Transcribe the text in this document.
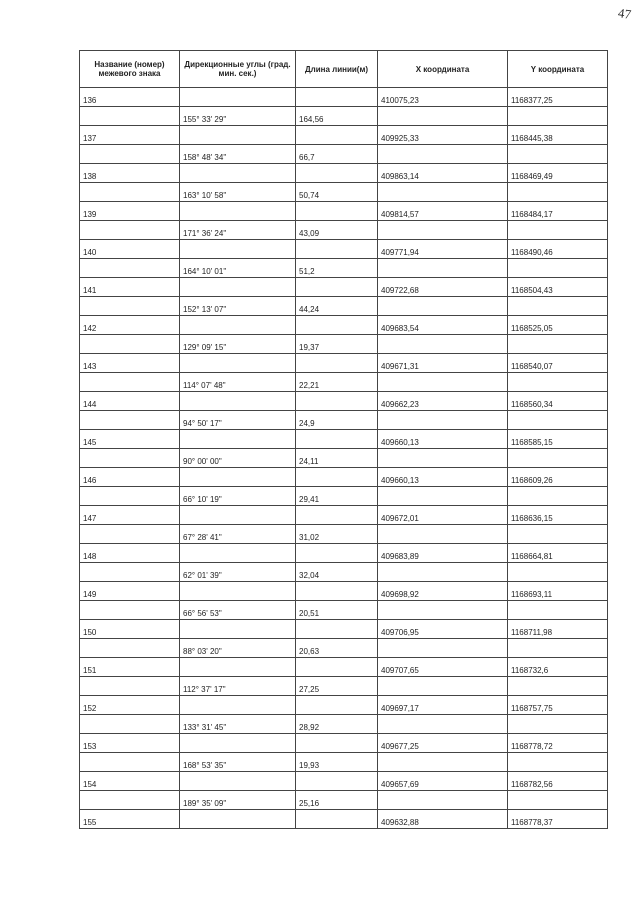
47
Название (номер) межевого знака	Дирекционные углы (град. мин. сек.)	Длина линии(м)	X координата	Y координата
136			410075,23	1168377,25
	155° 33' 29"	164,56		
137			409925,33	1168445,38
	158° 48' 34"	66,7		
138			409863,14	1168469,49
	163° 10' 58"	50,74		
139			409814,57	1168484,17
	171° 36' 24"	43,09		
140			409771,94	1168490,46
	164° 10' 01"	51,2		
141			409722,68	1168504,43
	152° 13' 07"	44,24		
142			409683,54	1168525,05
	129° 09' 15"	19,37		
143			409671,31	1168540,07
	114° 07' 48"	22,21		
144			409662,23	1168560,34
	94° 50' 17"	24,9		
145			409660,13	1168585,15
	90° 00' 00"	24,11		
146			409660,13	1168609,26
	66° 10' 19"	29,41		
147			409672,01	1168636,15
	67° 28' 41"	31,02		
148			409683,89	1168664,81
	62° 01' 39"	32,04		
149			409698,92	1168693,11
	66° 56' 53"	20,51		
150			409706,95	1168711,98
	88° 03' 20"	20,63		
151			409707,65	1168732,6
	112° 37' 17"	27,25		
152			409697,17	1168757,75
	133° 31' 45"	28,92		
153			409677,25	1168778,72
	168° 53' 35"	19,93		
154			409657,69	1168782,56
	189° 35' 09"	25,16		
155			409632,88	1168778,37
